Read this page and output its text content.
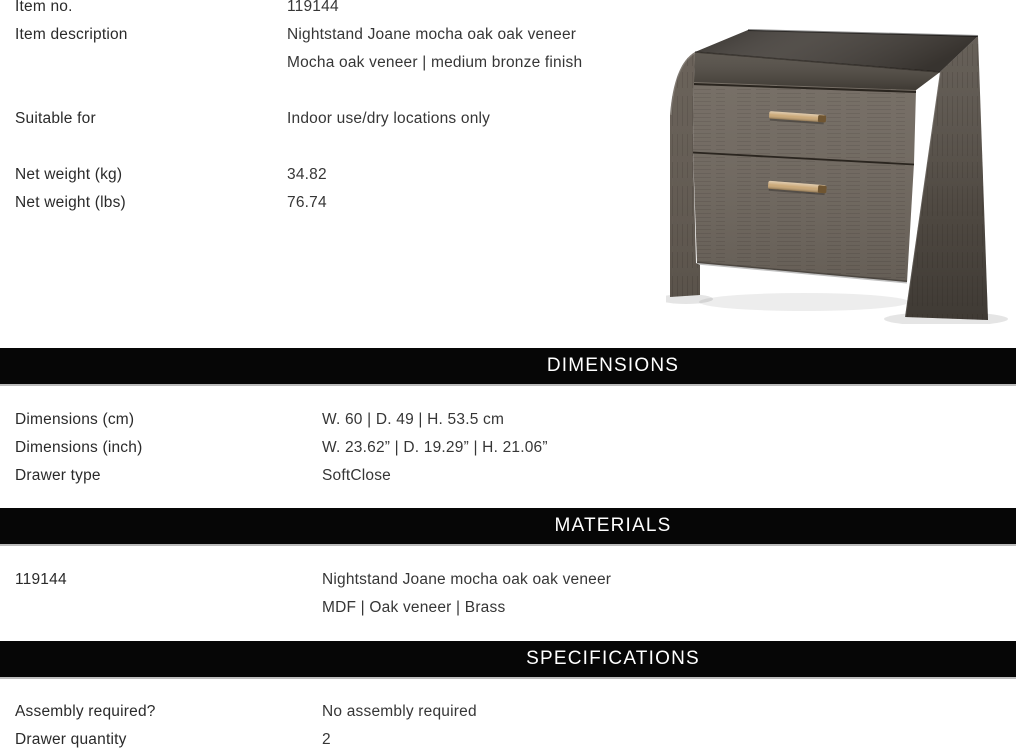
Item no.	119144
Item description	Nightstand Joane mocha oak oak veneer
Mocha oak veneer | medium bronze finish
Suitable for	Indoor use/dry locations only
Net weight (kg)	34.82
Net weight (lbs)	76.74
DIMENSIONS
Dimensions (cm)	W. 60 | D. 49 | H. 53.5 cm
Dimensions (inch)	W. 23.62” | D. 19.29” | H. 21.06”
Drawer type	SoftClose
MATERIALS
119144	Nightstand Joane mocha oak oak veneer
MDF | Oak veneer | Brass
SPECIFICATIONS
Assembly required?	No assembly required
Drawer quantity	2
